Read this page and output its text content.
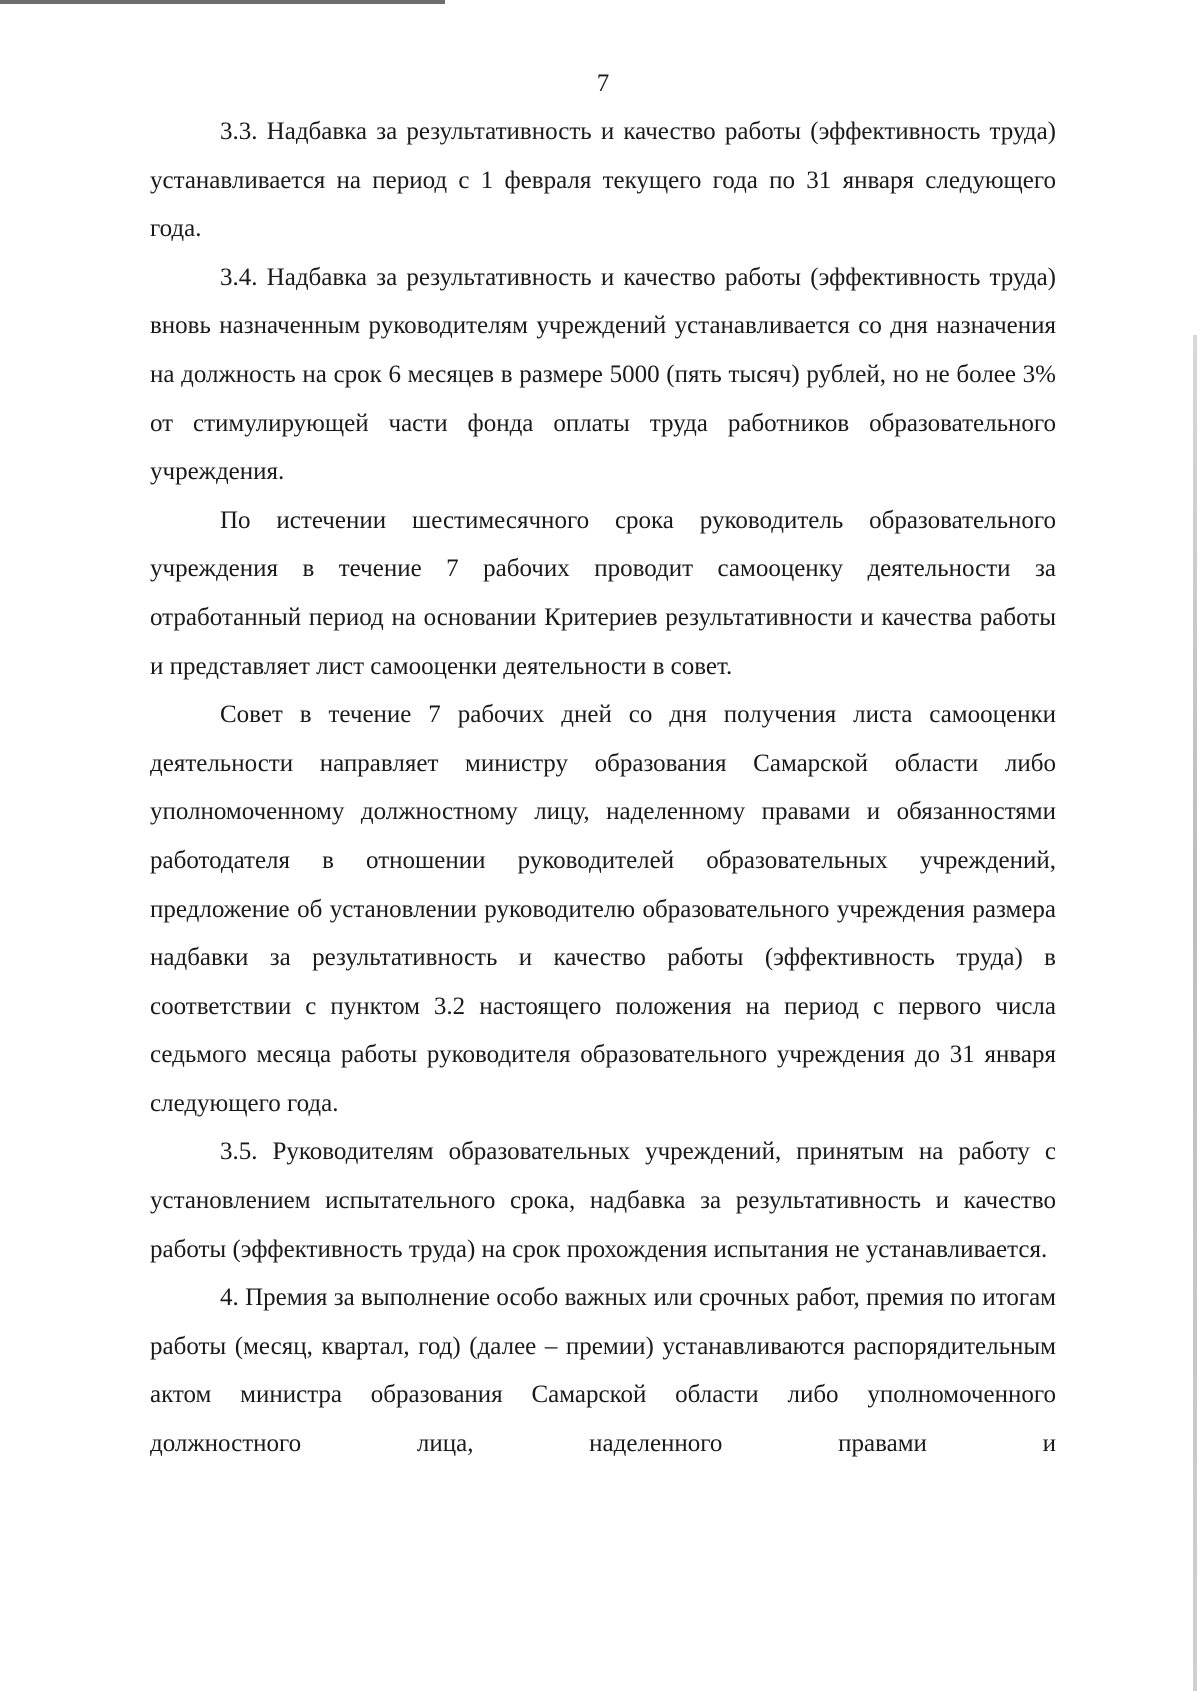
7

3.3. Надбавка за результативность и качество работы (эффективность труда) устанавливается на период с 1 февраля текущего года по 31 января следующего года.

3.4. Надбавка за результативность и качество работы (эффективность труда) вновь назначенным руководителям учреждений устанавливается со дня назначения на должность на срок 6 месяцев в размере 5000 (пять тысяч) рублей, но не более 3% от стимулирующей части фонда оплаты труда работников образовательного учреждения.

По истечении шестимесячного срока руководитель образовательного учреждения в течение 7 рабочих проводит самооценку деятельности за отработанный период на основании Критериев результативности и качества работы и представляет лист самооценки деятельности в совет.

Совет в течение 7 рабочих дней со дня получения листа самооценки деятельности направляет министру образования Самарской области либо уполномоченному должностному лицу, наделенному правами и обязанностями работодателя в отношении руководителей образовательных учреждений, предложение об установлении руководителю образовательного учреждения размера надбавки за результативность и качество работы (эффективность труда) в соответствии с пунктом 3.2 настоящего положения на период с первого числа седьмого месяца работы руководителя образовательного учреждения до 31 января следующего года.

3.5. Руководителям образовательных учреждений, принятым на работу с установлением испытательного срока, надбавка за результативность и качество работы (эффективность труда) на срок прохождения испытания не устанавливается.

4. Премия за выполнение особо важных или срочных работ, премия по итогам работы (месяц, квартал, год) (далее – премии) устанавливаются распорядительным актом министра образования Самарской области либо уполномоченного должностного лица, наделенного правами и
